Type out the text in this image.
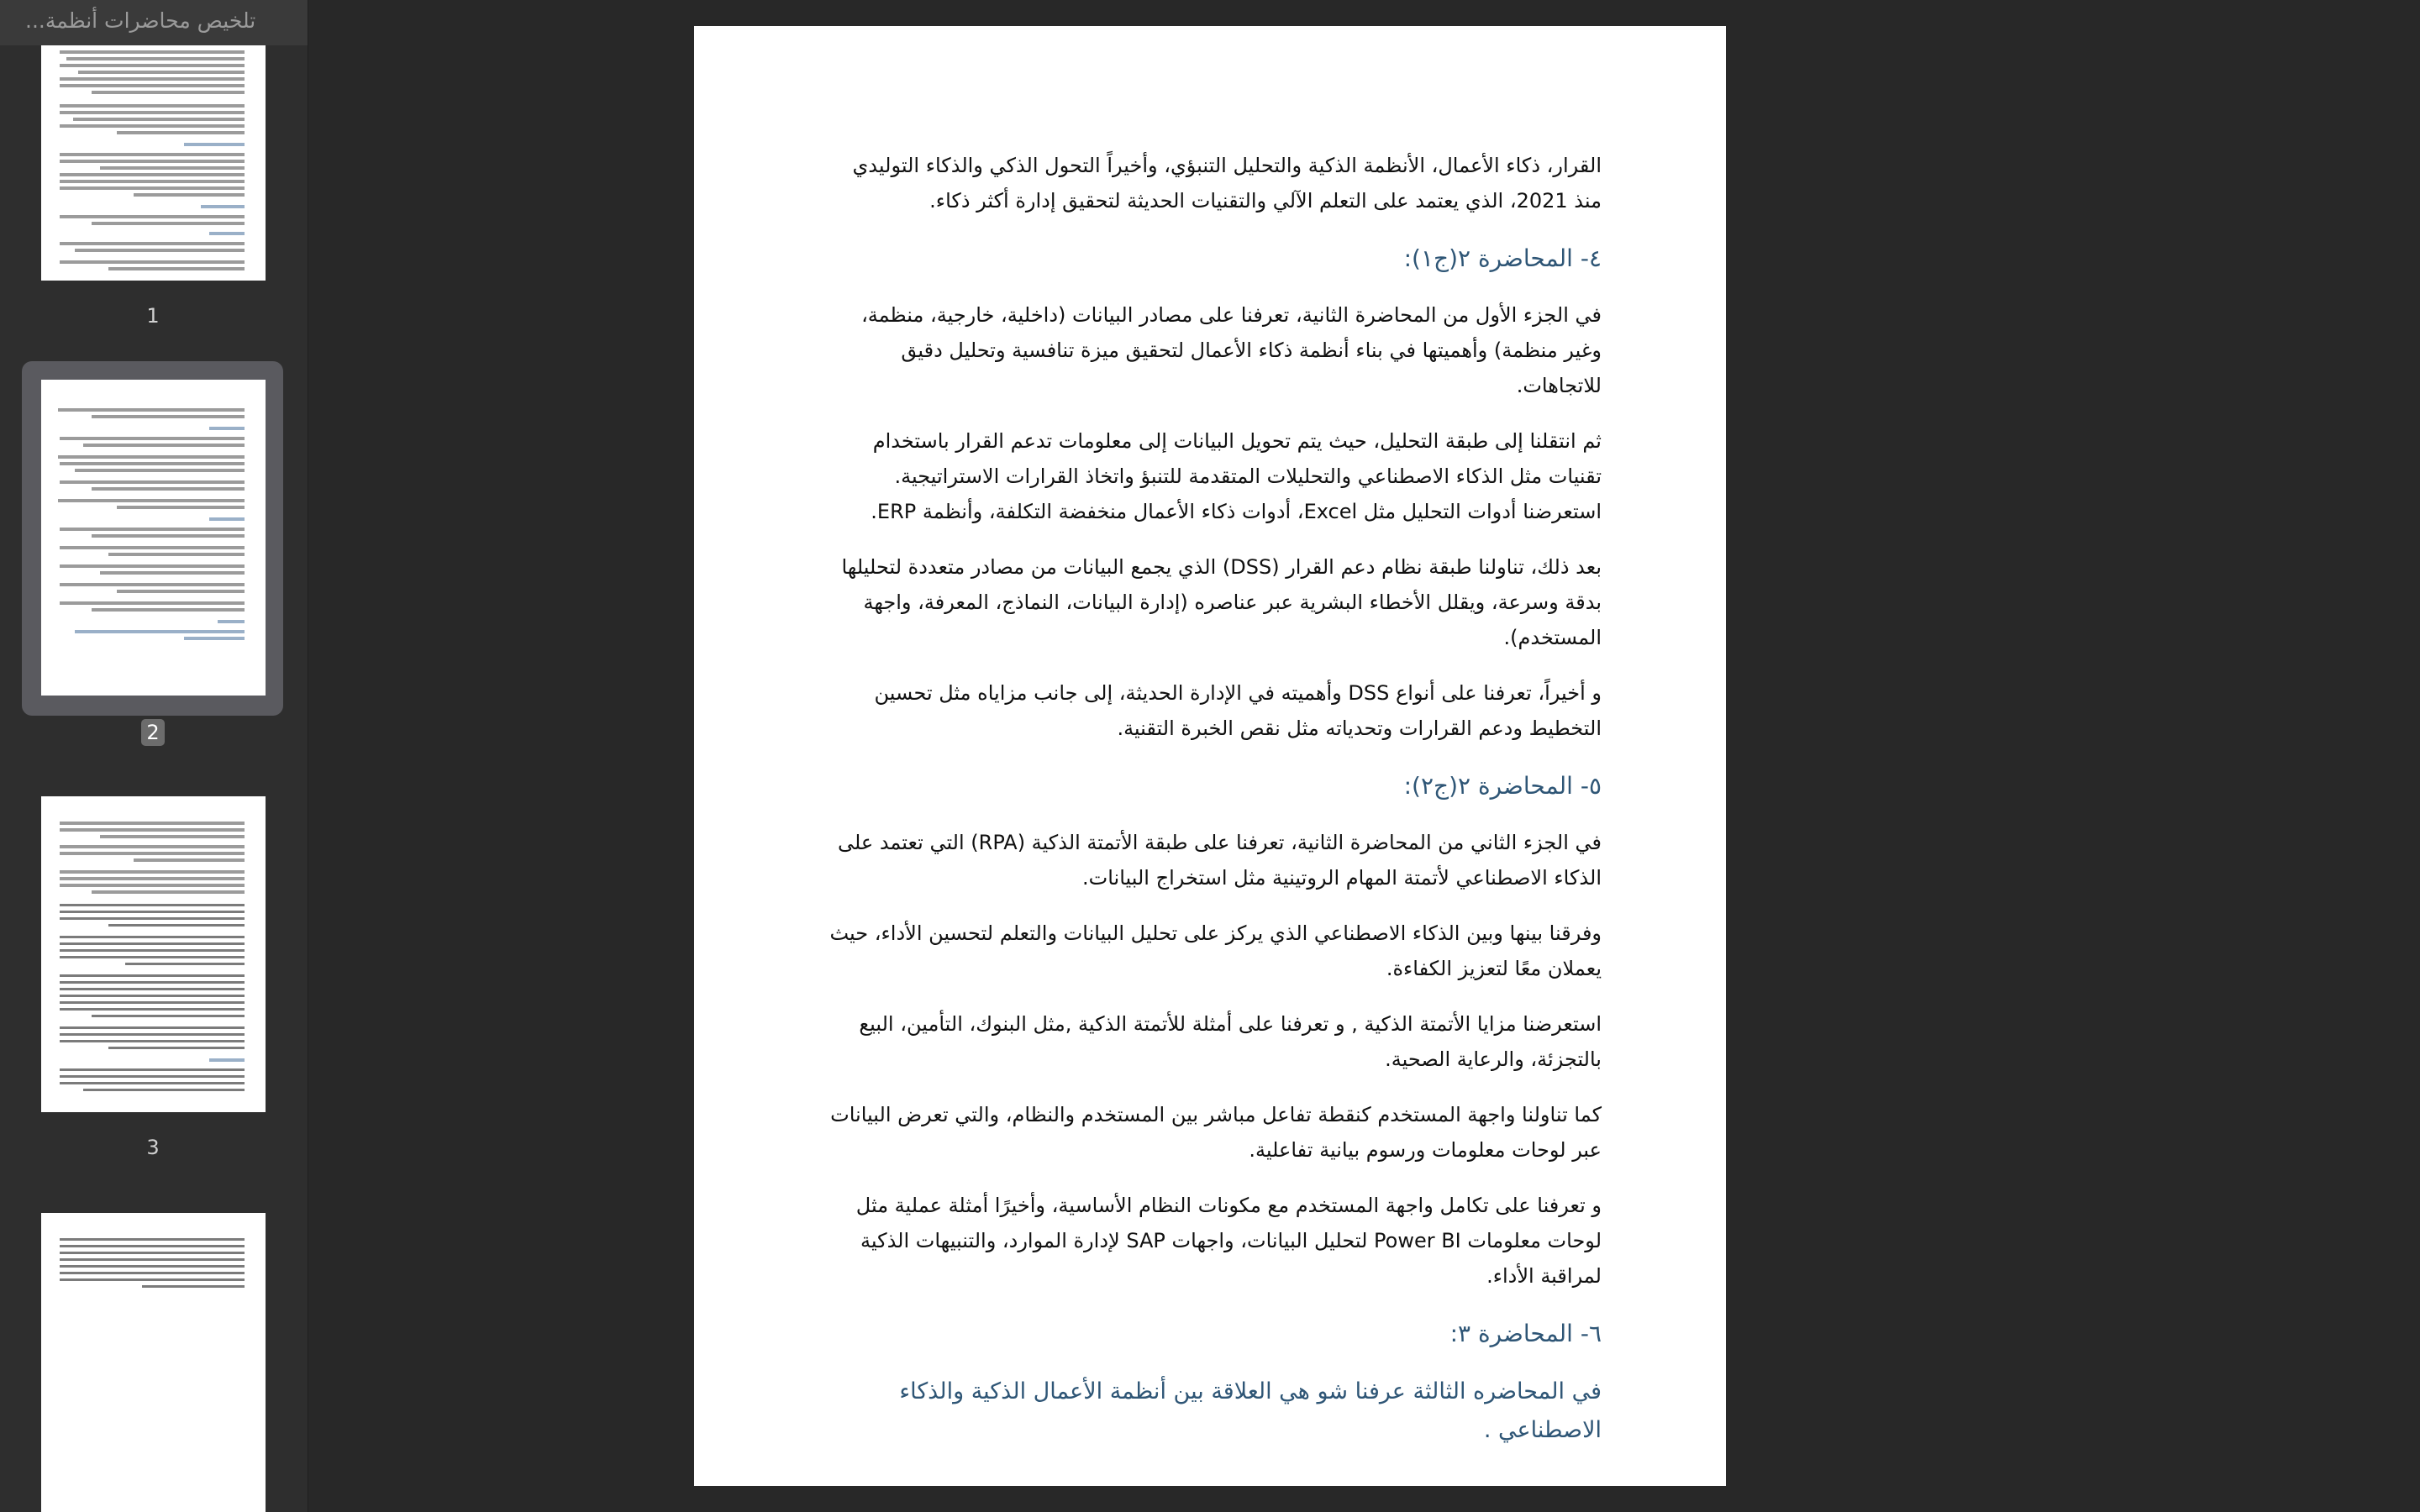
تلخيص محاضرات أنظمة...
1
2
3

القرار، ذكاء الأعمال، الأنظمة الذكية والتحليل التنبؤي، وأخيراً التحول الذكي والذكاء التوليدي منذ 2021، الذي يعتمد على التعلم الآلي والتقنيات الحديثة لتحقيق إدارة أكثر ذكاء.

٤- المحاضرة ٢(ج١):

في الجزء الأول من المحاضرة الثانية، تعرفنا على مصادر البيانات (داخلية، خارجية، منظمة، وغير منظمة) وأهميتها في بناء أنظمة ذكاء الأعمال لتحقيق ميزة تنافسية وتحليل دقيق للاتجاهات.

ثم انتقلنا إلى طبقة التحليل، حيث يتم تحويل البيانات إلى معلومات تدعم القرار باستخدام تقنيات مثل الذكاء الاصطناعي والتحليلات المتقدمة للتنبؤ واتخاذ القرارات الاستراتيجية. استعرضنا أدوات التحليل مثل Excel، أدوات ذكاء الأعمال منخفضة التكلفة، وأنظمة ERP.

بعد ذلك، تناولنا طبقة نظام دعم القرار (DSS) الذي يجمع البيانات من مصادر متعددة لتحليلها بدقة وسرعة، ويقلل الأخطاء البشرية عبر عناصره (إدارة البيانات، النماذج، المعرفة، واجهة المستخدم).

و أخيراً، تعرفنا على أنواع DSS وأهميته في الإدارة الحديثة، إلى جانب مزاياه مثل تحسين التخطيط ودعم القرارات وتحدياته مثل نقص الخبرة التقنية.

٥- المحاضرة ٢(ج٢):

في الجزء الثاني من المحاضرة الثانية، تعرفنا على طبقة الأتمتة الذكية (RPA) التي تعتمد على الذكاء الاصطناعي لأتمتة المهام الروتينية مثل استخراج البيانات.

وفرقنا بينها وبين الذكاء الاصطناعي الذي يركز على تحليل البيانات والتعلم لتحسين الأداء، حيث يعملان معًا لتعزيز الكفاءة.

استعرضنا مزايا الأتمتة الذكية , و تعرفنا على أمثلة للأتمتة الذكية ,مثل البنوك، التأمين، البيع بالتجزئة، والرعاية الصحية.

كما تناولنا واجهة المستخدم كنقطة تفاعل مباشر بين المستخدم والنظام، والتي تعرض البيانات عبر لوحات معلومات ورسوم بيانية تفاعلية.

و تعرفنا على تكامل واجهة المستخدم مع مكونات النظام الأساسية، وأخيرًا أمثلة عملية مثل لوحات معلومات Power BI لتحليل البيانات، واجهات SAP لإدارة الموارد، والتنبيهات الذكية لمراقبة الأداء.

٦- المحاضرة ٣:

في المحاضره الثالثة عرفنا شو هي العلاقة بين أنظمة الأعمال الذكية والذكاء الاصطناعي .
